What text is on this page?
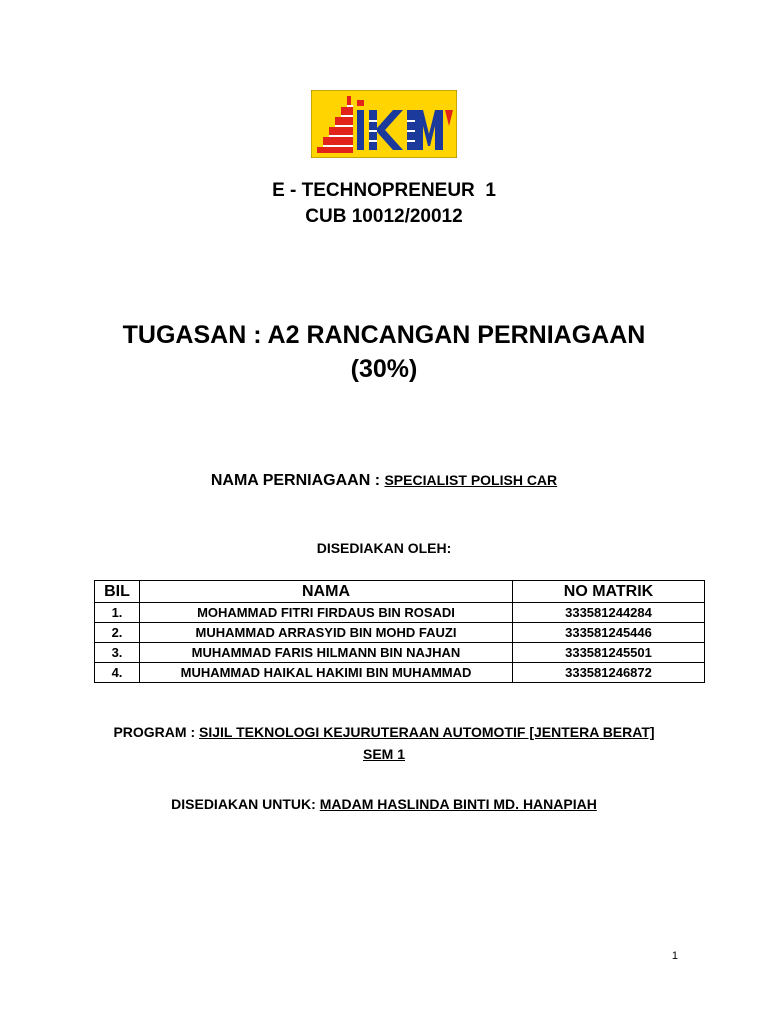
E - TECHNOPRENEUR  1
CUB 10012/20012
TUGASAN : A2 RANCANGAN PERNIAGAAN
(30%)
NAMA PERNIAGAAN : SPECIALIST POLISH CAR
DISEDIAKAN OLEH:
BIL	NAMA	NO MATRIK
1.	MOHAMMAD FITRI FIRDAUS BIN ROSADI	333581244284
2.	MUHAMMAD ARRASYID BIN MOHD FAUZI	333581245446
3.	MUHAMMAD FARIS HILMANN BIN NAJHAN	333581245501
4.	MUHAMMAD HAIKAL HAKIMI BIN MUHAMMAD	333581246872
PROGRAM : SIJIL TEKNOLOGI KEJURUTERAAN AUTOMOTIF [JENTERA BERAT] SEM 1
DISEDIAKAN UNTUK: MADAM HASLINDA BINTI MD. HANAPIAH
1
